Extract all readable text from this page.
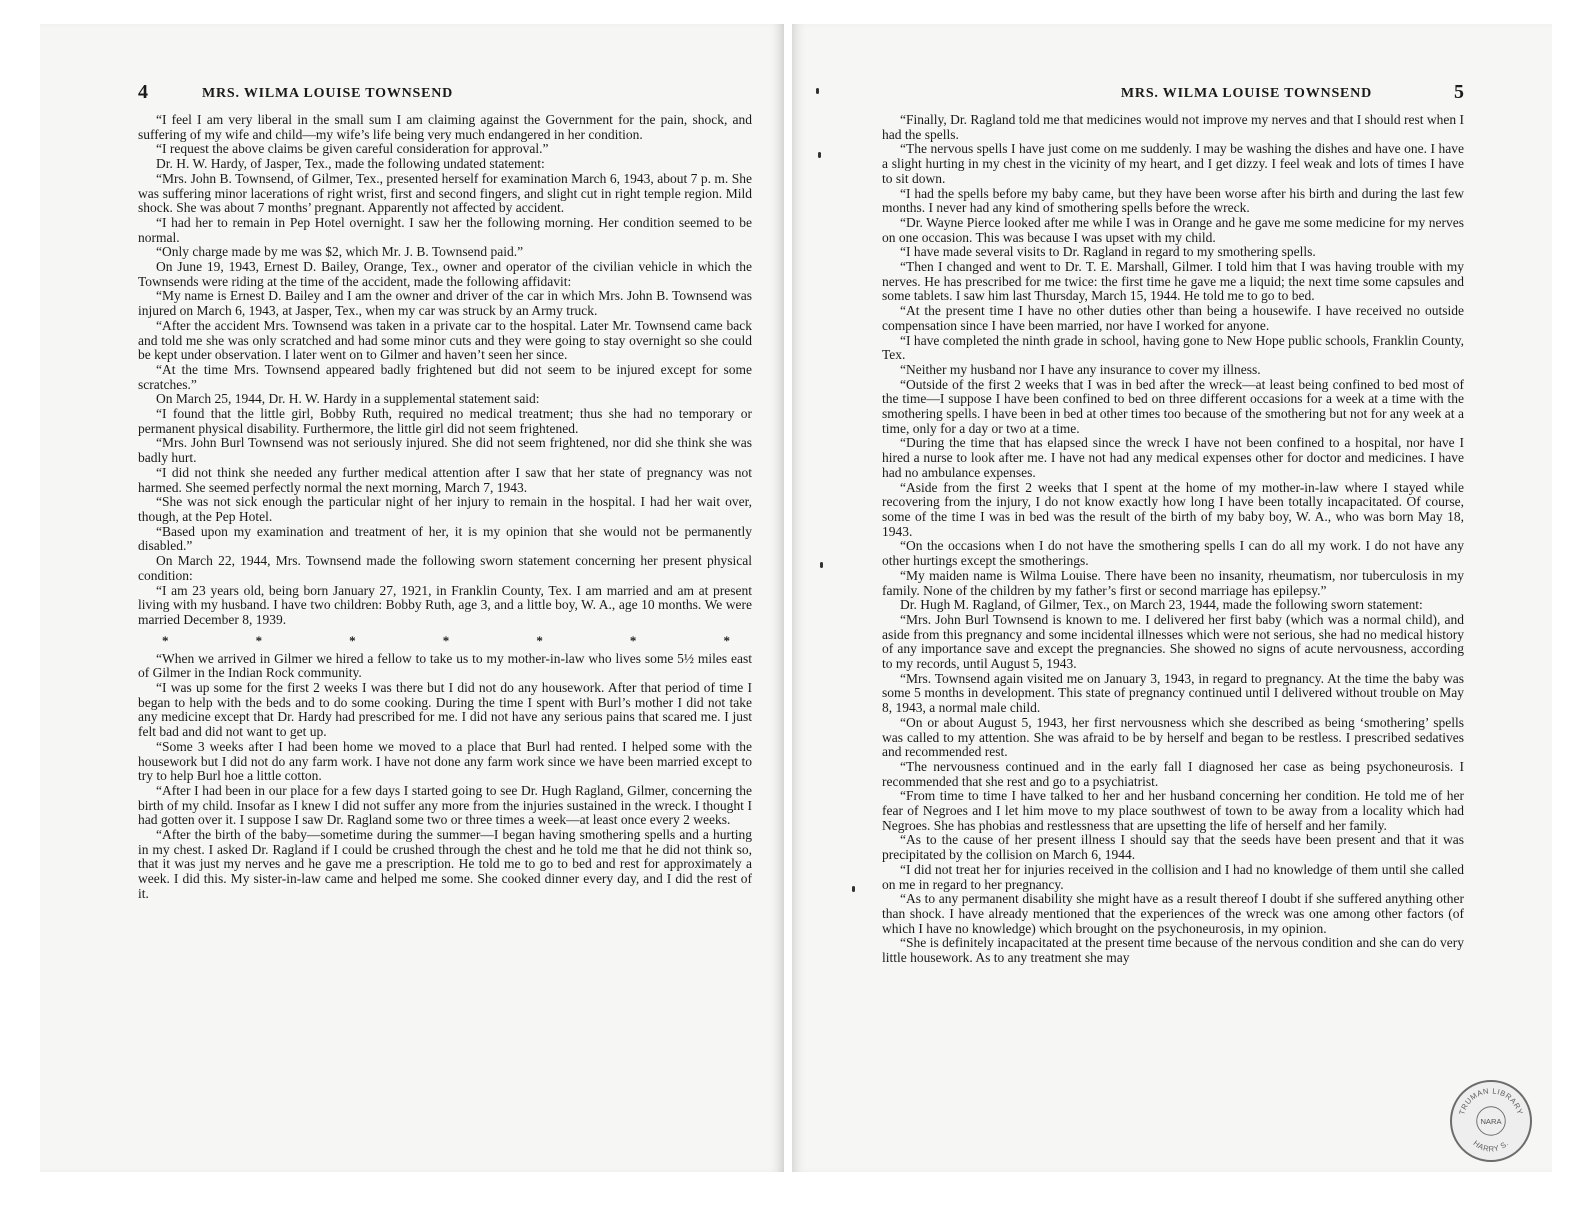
4	MRS. WILMA LOUISE TOWNSEND

“I feel I am very liberal in the small sum I am claiming against the Government for the pain, shock, and suffering of my wife and child—my wife’s life being very much endangered in her condition.

“I request the above claims be given careful consideration for approval.”

Dr. H. W. Hardy, of Jasper, Tex., made the following undated statement:

“Mrs. John B. Townsend, of Gilmer, Tex., presented herself for examination March 6, 1943, about 7 p. m. She was suffering minor lacerations of right wrist, first and second fingers, and slight cut in right temple region. Mild shock. She was about 7 months’ pregnant. Apparently not affected by accident.

“I had her to remain in Pep Hotel overnight. I saw her the following morning. Her condition seemed to be normal.

“Only charge made by me was $2, which Mr. J. B. Townsend paid.”

On June 19, 1943, Ernest D. Bailey, Orange, Tex., owner and operator of the civilian vehicle in which the Townsends were riding at the time of the accident, made the following affidavit:

“My name is Ernest D. Bailey and I am the owner and driver of the car in which Mrs. John B. Townsend was injured on March 6, 1943, at Jasper, Tex., when my car was struck by an Army truck.

“After the accident Mrs. Townsend was taken in a private car to the hospital. Later Mr. Townsend came back and told me she was only scratched and had some minor cuts and they were going to stay overnight so she could be kept under observation. I later went on to Gilmer and haven’t seen her since.

“At the time Mrs. Townsend appeared badly frightened but did not seem to be injured except for some scratches.”

On March 25, 1944, Dr. H. W. Hardy in a supplemental statement said:

“I found that the little girl, Bobby Ruth, required no medical treatment; thus she had no temporary or permanent physical disability. Furthermore, the little girl did not seem frightened.

“Mrs. John Burl Townsend was not seriously injured. She did not seem frightened, nor did she think she was badly hurt.

“I did not think she needed any further medical attention after I saw that her state of pregnancy was not harmed. She seemed perfectly normal the next morning, March 7, 1943.

“She was not sick enough the particular night of her injury to remain in the hospital. I had her wait over, though, at the Pep Hotel.

“Based upon my examination and treatment of her, it is my opinion that she would not be permanently disabled.”

On March 22, 1944, Mrs. Townsend made the following sworn statement concerning her present physical condition:

“I am 23 years old, being born January 27, 1921, in Franklin County, Tex. I am married and am at present living with my husband. I have two children: Bobby Ruth, age 3, and a little boy, W. A., age 10 months. We were married December 8, 1939.

*	*	*	*	*	*	*

“When we arrived in Gilmer we hired a fellow to take us to my mother-in-law who lives some 5½ miles east of Gilmer in the Indian Rock community.

“I was up some for the first 2 weeks I was there but I did not do any housework. After that period of time I began to help with the beds and to do some cooking. During the time I spent with Burl’s mother I did not take any medicine except that Dr. Hardy had prescribed for me. I did not have any serious pains that scared me. I just felt bad and did not want to get up.

“Some 3 weeks after I had been home we moved to a place that Burl had rented. I helped some with the housework but I did not do any farm work. I have not done any farm work since we have been married except to try to help Burl hoe a little cotton.

“After I had been in our place for a few days I started going to see Dr. Hugh Ragland, Gilmer, concerning the birth of my child. Insofar as I knew I did not suffer any more from the injuries sustained in the wreck. I thought I had gotten over it. I suppose I saw Dr. Ragland some two or three times a week—at least once every 2 weeks.

“After the birth of the baby—sometime during the summer—I began having smothering spells and a hurting in my chest. I asked Dr. Ragland if I could be crushed through the chest and he told me that he did not think so, that it was just my nerves and he gave me a prescription. He told me to go to bed and rest for approximately a week. I did this. My sister-in-law came and helped me some. She cooked dinner every day, and I did the rest of it.

MRS. WILMA LOUISE TOWNSEND	5

“Finally, Dr. Ragland told me that medicines would not improve my nerves and that I should rest when I had the spells.

“The nervous spells I have just come on me suddenly. I may be washing the dishes and have one. I have a slight hurting in my chest in the vicinity of my heart, and I get dizzy. I feel weak and lots of times I have to sit down.

“I had the spells before my baby came, but they have been worse after his birth and during the last few months. I never had any kind of smothering spells before the wreck.

“Dr. Wayne Pierce looked after me while I was in Orange and he gave me some medicine for my nerves on one occasion. This was because I was upset with my child.

“I have made several visits to Dr. Ragland in regard to my smothering spells.

“Then I changed and went to Dr. T. E. Marshall, Gilmer. I told him that I was having trouble with my nerves. He has prescribed for me twice: the first time he gave me a liquid; the next time some capsules and some tablets. I saw him last Thursday, March 15, 1944. He told me to go to bed.

“At the present time I have no other duties other than being a housewife. I have received no outside compensation since I have been married, nor have I worked for anyone.

“I have completed the ninth grade in school, having gone to New Hope public schools, Franklin County, Tex.

“Neither my husband nor I have any insurance to cover my illness.

“Outside of the first 2 weeks that I was in bed after the wreck—at least being confined to bed most of the time—I suppose I have been confined to bed on three different occasions for a week at a time with the smothering spells. I have been in bed at other times too because of the smothering but not for any week at a time, only for a day or two at a time.

“During the time that has elapsed since the wreck I have not been confined to a hospital, nor have I hired a nurse to look after me. I have not had any medical expenses other for doctor and medicines. I have had no ambulance expenses.

“Aside from the first 2 weeks that I spent at the home of my mother-in-law where I stayed while recovering from the injury, I do not know exactly how long I have been totally incapacitated. Of course, some of the time I was in bed was the result of the birth of my baby boy, W. A., who was born May 18, 1943.

“On the occasions when I do not have the smothering spells I can do all my work. I do not have any other hurtings except the smotherings.

“My maiden name is Wilma Louise. There have been no insanity, rheumatism, nor tuberculosis in my family. None of the children by my father’s first or second marriage has epilepsy.”

Dr. Hugh M. Ragland, of Gilmer, Tex., on March 23, 1944, made the following sworn statement:

“Mrs. John Burl Townsend is known to me. I delivered her first baby (which was a normal child), and aside from this pregnancy and some incidental illnesses which were not serious, she had no medical history of any importance save and except the pregnancies. She showed no signs of acute nervousness, according to my records, until August 5, 1943.

“Mrs. Townsend again visited me on January 3, 1943, in regard to pregnancy. At the time the baby was some 5 months in development. This state of pregnancy continued until I delivered without trouble on May 8, 1943, a normal male child.

“On or about August 5, 1943, her first nervousness which she described as being ‘smothering’ spells was called to my attention. She was afraid to be by herself and began to be restless. I prescribed sedatives and recommended rest.

“The nervousness continued and in the early fall I diagnosed her case as being psychoneurosis. I recommended that she rest and go to a psychiatrist.

“From time to time I have talked to her and her husband concerning her condition. He told me of her fear of Negroes and I let him move to my place southwest of town to be away from a locality which had Negroes. She has phobias and restlessness that are upsetting the life of herself and her family.

“As to the cause of her present illness I should say that the seeds have been present and that it was precipitated by the collision on March 6, 1944.

“I did not treat her for injuries received in the collision and I had no knowledge of them until she called on me in regard to her pregnancy.

“As to any permanent disability she might have as a result thereof I doubt if she suffered anything other than shock. I have already mentioned that the experiences of the wreck was one among other factors (of which I have no knowledge) which brought on the psychoneurosis, in my opinion.

“She is definitely incapacitated at the present time because of the nervous condition and she can do very little housework. As to any treatment she may

TRUMAN LIBRARY
HARRY S.
NARA
